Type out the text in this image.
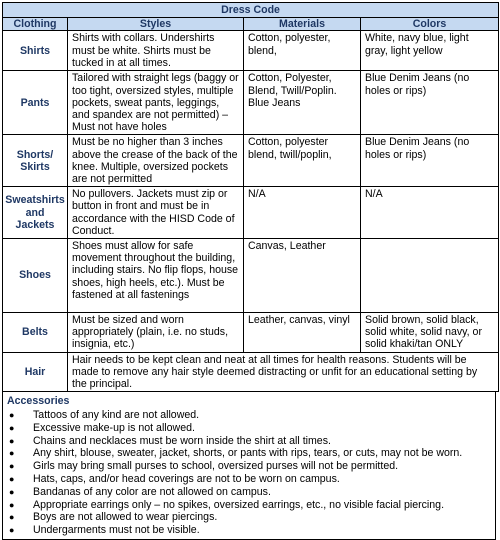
Dress Code			
Clothing	Styles	Materials	Colors
Shirts	Shirts with collars. Undershirts must be white. Shirts must be tucked in at all times.	Cotton, polyester, blend,	White, navy blue, light gray, light yellow
Pants	Tailored with straight legs (baggy or too tight, oversized styles, multiple pockets, sweat pants, leggings, and spandex are not permitted) – Must not have holes	Cotton, Polyester, Blend, Twill/Poplin. Blue Jeans	Blue Denim Jeans (no holes or rips)
Shorts/ Skirts	Must be no higher than 3 inches above the crease of the back of the knee. Multiple, oversized pockets are not permitted	Cotton, polyester blend, twill/poplin,	Blue Denim Jeans (no holes or rips)
Sweatshirts and Jackets	No pullovers. Jackets must zip or button in front and must be in accordance with the HISD Code of Conduct.	N/A	N/A
Shoes	Shoes must allow for safe movement throughout the building, including stairs. No flip flops, house shoes, high heels, etc.). Must be fastened at all fastenings	Canvas, Leather	
Belts	Must be sized and worn appropriately (plain, i.e. no studs, insignia, etc.)	Leather, canvas, vinyl	Solid brown, solid black, solid white, solid navy, or solid khaki/tan ONLY
Hair	Hair needs to be kept clean and neat at all times for health reasons. Students will be made to remove any hair style deemed distracting or unfit for an educational setting by the principal.		
Accessories
● Tattoos of any kind are not allowed.
● Excessive make-up is not allowed.
● Chains and necklaces must be worn inside the shirt at all times.
● Any shirt, blouse, sweater, jacket, shorts, or pants with rips, tears, or cuts, may not be worn.
● Girls may bring small purses to school, oversized purses will not be permitted.
● Hats, caps, and/or head coverings are not to be worn on campus.
● Bandanas of any color are not allowed on campus.
● Appropriate earrings only – no spikes, oversized earrings, etc., no visible facial piercing.
● Boys are not allowed to wear piercings.
● Undergarments must not be visible.
